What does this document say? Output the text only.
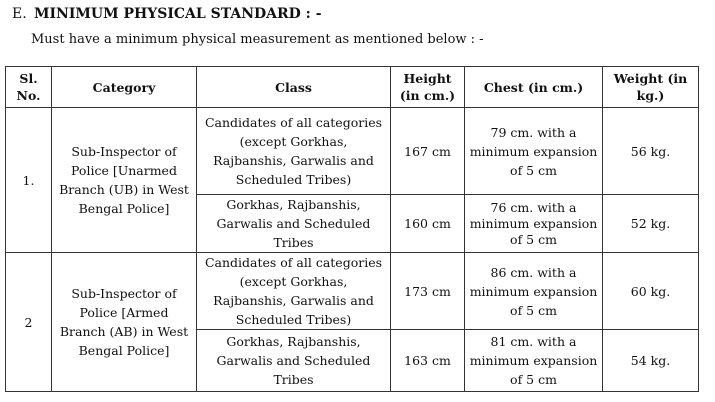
E. MINIMUM PHYSICAL STANDARD : -
Must have a minimum physical measurement as mentioned below : -
Sl. No.	Category	Class	Height (in cm.)	Chest (in cm.)	Weight (in kg.)
1.	Sub-Inspector of Police [Unarmed Branch (UB) in West Bengal Police]	Candidates of all categories (except Gorkhas, Rajbanshis, Garwalis and Scheduled Tribes)	167 cm	79 cm. with a minimum expansion of 5 cm	56 kg.
		Gorkhas, Rajbanshis, Garwalis and Scheduled Tribes	160 cm	76 cm. with a minimum expansion of 5 cm	52 kg.
2	Sub-Inspector of Police [Armed Branch (AB) in West Bengal Police]	Candidates of all categories (except Gorkhas, Rajbanshis, Garwalis and Scheduled Tribes)	173 cm	86 cm. with a minimum expansion of 5 cm	60 kg.
		Gorkhas, Rajbanshis, Garwalis and Scheduled Tribes	163 cm	81 cm. with a minimum expansion of 5 cm	54 kg.
